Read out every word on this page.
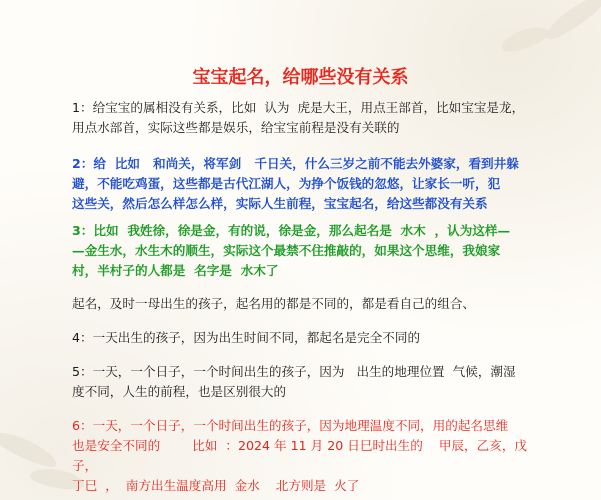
宝宝起名，给哪些没有关系
1：给宝宝的属相没有关系，比如  认为  虎是大王，用点王部首，比如宝宝是龙，
用点水部首，实际这些都是娱乐，给宝宝前程是没有关联的
2：给  比如   和尚关，将军剑   千日关，什么三岁之前不能去外婆家，看到井躲
避，不能吃鸡蛋，这些都是古代江湖人，为挣个饭钱的忽悠，让家长一听，犯
这些关，然后怎么样怎么样，实际人生前程，宝宝起名，给这些都没有关系
3：比如  我姓徐，徐是金，有的说，徐是金，那么起名是  水木  ，认为这样—
—金生水，水生木的顺生，实际这个最禁不住推敲的，如果这个思维，我娘家
村，半村子的人都是  名字是  水木了
起名，及时一母出生的孩子，起名用的都是不同的，都是看自己的组合、
4：一天出生的孩子，因为出生时间不同，都起名是完全不同的
5：一天，一个日子，一个时间出生的孩子，因为   出生的地理位置  气候，潮湿
度不同，人生的前程，也是区别很大的
6：一天，一个日子，一个时间出生的孩子，因为地理温度不同，用的起名思维
也是安全不同的        比如  ：2024 年 11 月 20 日巳时出生的    甲辰，乙亥，戊子，
丁巳  ，  南方出生温度高用  金水    北方则是  火了
